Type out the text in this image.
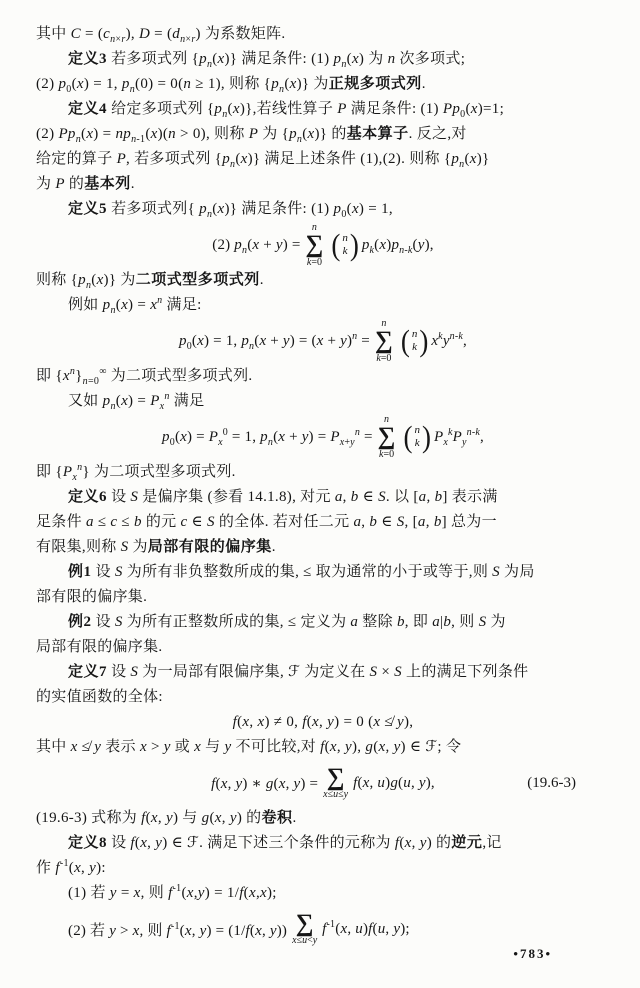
其中 $C = (c_{n\times r})$, $D = (d_{n\times r})$ 为系数矩阵.
定义3 若多项式列 $\{p_n(x)\}$ 满足条件: (1) $p_n(x)$ 为 n 次多项式;
(2) $p_0(x) = 1$, $p_n(0) = 0(n \ge 1)$, 则称 $\{p_n(x)\}$ 为正规多项式列.
定义4 给定多项式列 $\{p_n(x)\}$,若线性算子 P 满足条件: (1) $Pp_0(x)=1$;
(2) $Pp_n(x) = np_{n-1}(x)(n > 0)$, 则称 P 为 $\{p_n(x)\}$ 的基本算子. 反之,对
给定的算子 P, 若多项式列 $\{p_n(x)\}$ 满足上述条件 (1),(2). 则称 $\{p_n(x)\}$
为 P 的基本列.
定义5 若多项式列{ $p_n(x)$} 满足条件: (1) $p_0(x) = 1$,
(2) $p_n(x + y)$ =
n
∑
k=0
( n
k ) $p_k(x)p_{n-k}(y)$,
则称 $\{p_n(x)\}$ 为二项式型多项式列.
例如 $p_n(x) = x^n$ 满足:
$p_0(x) = 1$, $p_n(x + y) = (x + y)^n$ =
n
∑
k=0
( n
k ) $x^ky^{n-k}$,
即 $\{x^n\}_{n=0}^\infty$ 为二项式型多项式列.
又如 $p_n(x) = P_x^n$ 满足
$p_0(x) = P_x^0 = 1$, $p_n(x + y) = P_{x+y}^n$ =
n
∑
k=0
( n
k ) $P_x^kP_y^{n-k}$,
即 $\{P_x^n\}$ 为二项式型多项式列.
定义6 设 S 是偏序集 (参看 14.1.8), 对元 a, b ∈ S. 以 [a, b] 表示满
足条件 a ≤ c ≤ b 的元 c ∈ S 的全体. 若对任二元 a, b ∈ S, [a, b] 总为一
有限集,则称 S 为局部有限的偏序集.
例1 设 S 为所有非负整数所成的集, ≤ 取为通常的小于或等于,则 S 为局
部有限的偏序集.
例2 设 S 为所有正整数所成的集, ≤ 定义为 a 整除 b, 即 a|b, 则 S 为
局部有限的偏序集.
定义7 设 S 为一局部有限偏序集, ℱ 为定义在 S × S 上的满足下列条件
的实值函数的全体:
f(x, x) ≠ 0, f(x, y) = 0 (x ≰ y),
其中 x ≰ y 表示 x > y 或 x 与 y 不可比较,对 f(x, y), g(x, y) ∈ ℱ; 令
f(x, y) ∗ g(x, y) = ∑
x≤u≤y
f(x, u)g(u, y),	(19.6-3)
(19.6-3) 式称为 f(x, y) 与 g(x, y) 的卷积.
定义8 设 f(x, y) ∈ ℱ. 满足下述三个条件的元称为 f(x, y) 的逆元,记
作 $f^{-1}(x$, y):
(1) 若 y = x, 则 $f^{-1}(x,y) = 1/f(x,x)$;
(2) 若 y > x, 则 $f^{-1}(x$, y) = (1/f(x, y)) ∑
x≤u<y
$f^{-1}(x$, u)f(u, y);
•783•
